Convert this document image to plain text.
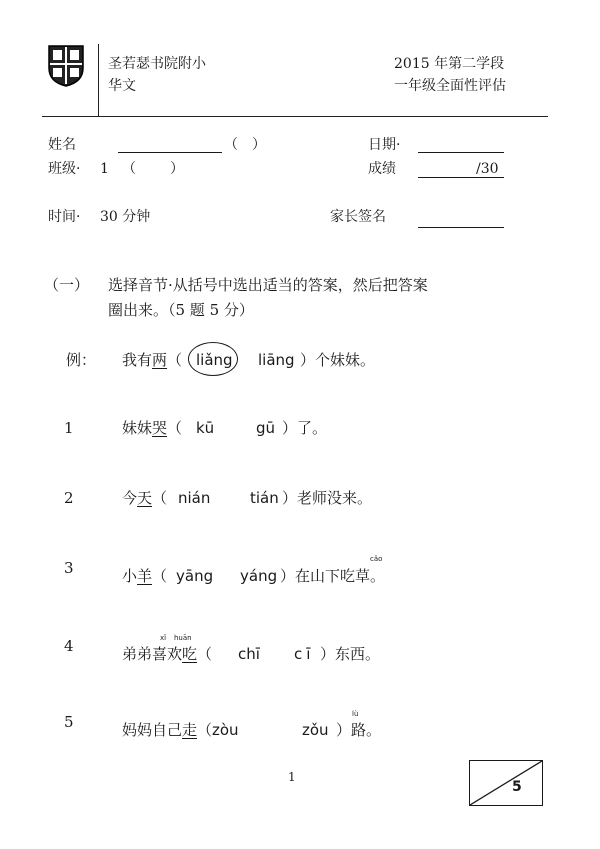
圣若瑟书院附小
华文
2015 年第二学段
一年级全面性评估
姓名	（　）	日期·
班级· 1 （　）	成绩	/30
时间· 30 分钟	家长签名
（一） 选择音节·从括号中选出适当的答案，然后把答案
圈出来。（5 题 5 分）
例： 我有两（ liǎng liāng ）个妹妹。
1	妹妹哭（ kū	gū ）了。
2	今天（ nián	tián ）老师没来。
3	小羊（ yāng yáng ）在山下吃草。
cǎo
4	xǐ huān
弟弟喜欢吃（ chī cī ）东西。
5	妈妈自己走（ zòu	zǒu ）路。
lù
1
5
